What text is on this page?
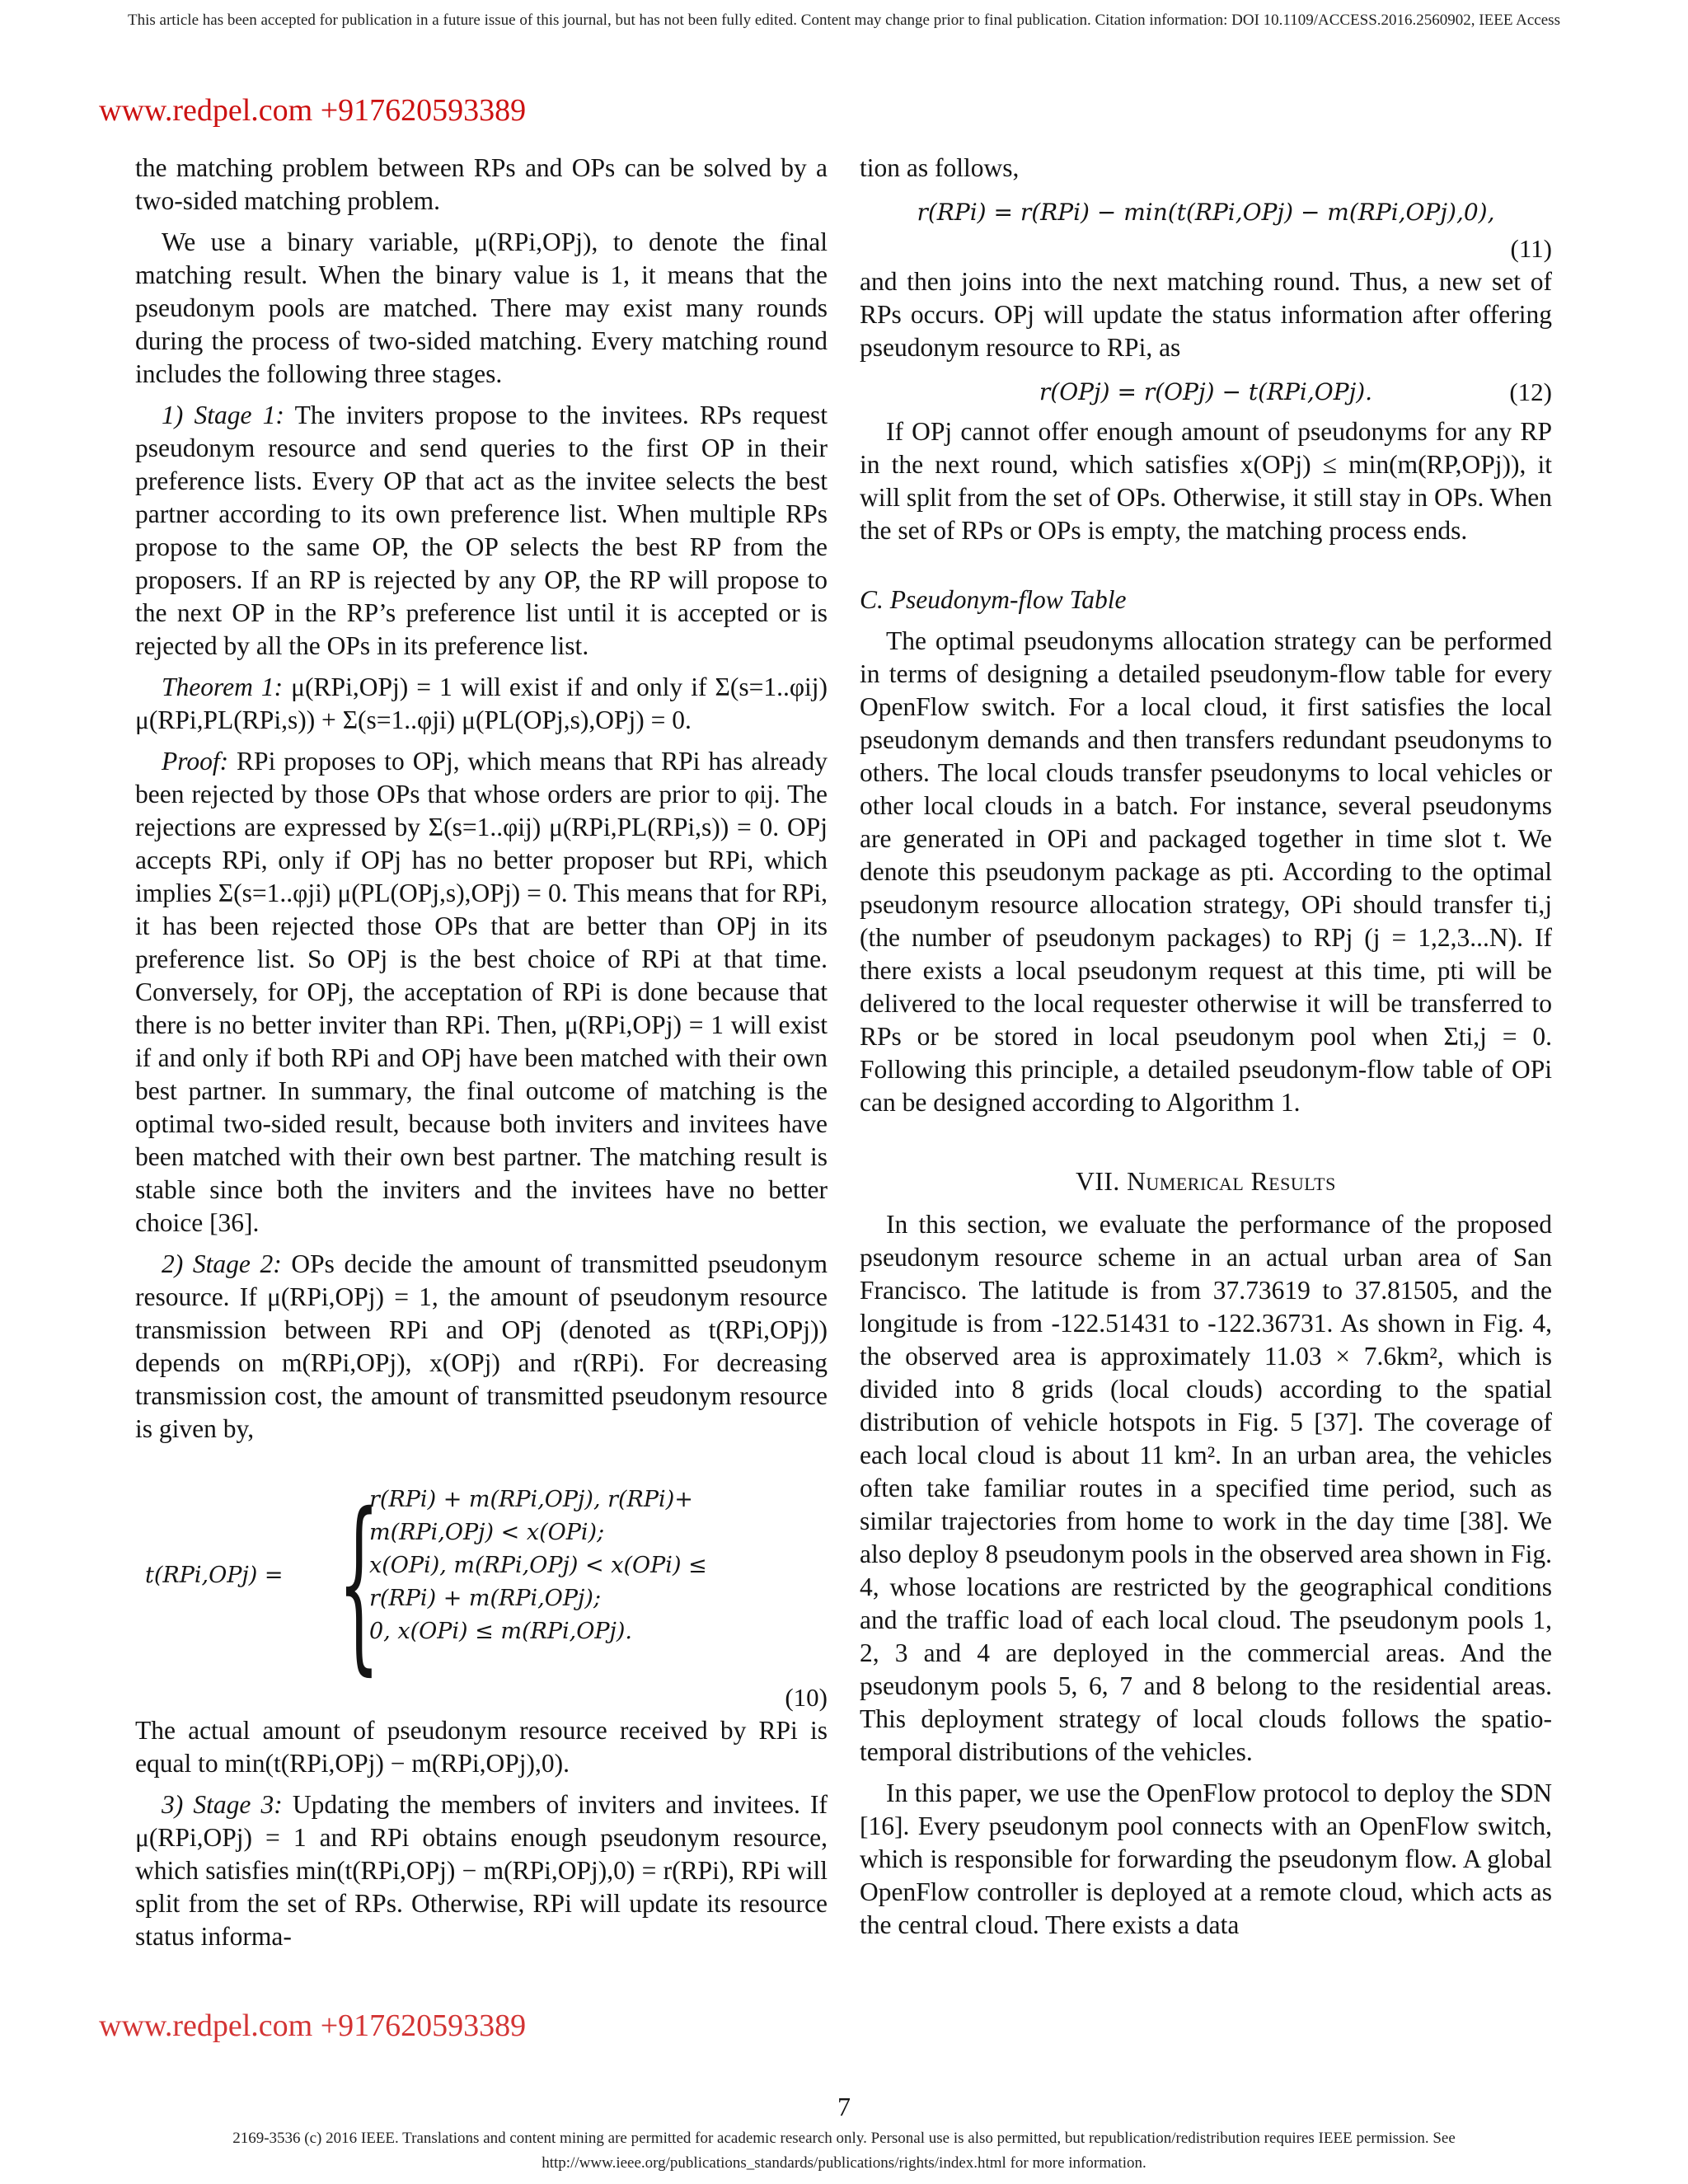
This article has been accepted for publication in a future issue of this journal, but has not been fully edited. Content may change prior to final publication. Citation information: DOI 10.1109/ACCESS.2016.2560902, IEEE Access
www.redpel.com +917620593389

the matching problem between RPs and OPs can be solved by a two-sided matching problem.

We use a binary variable, μ(RPi,OPj), to denote the final matching result. When the binary value is 1, it means that the pseudonym pools are matched. There may exist many rounds during the process of two-sided matching. Every matching round includes the following three stages.

1) Stage 1: The inviters propose to the invitees. RPs request pseudonym resource and send queries to the first OP in their preference lists. Every OP that act as the invitee selects the best partner according to its own preference list. When multiple RPs propose to the same OP, the OP selects the best RP from the proposers. If an RP is rejected by any OP, the RP will propose to the next OP in the RP’s preference list until it is accepted or is rejected by all the OPs in its preference list.

Theorem 1: μ(RPi,OPj) = 1 will exist if and only if Σ(s=1..φij) μ(RPi,PL(RPi,s)) + Σ(s=1..φji) μ(PL(OPj,s),OPj) = 0.

Proof: RPi proposes to OPj, which means that RPi has already been rejected by those OPs that whose orders are prior to φij. The rejections are expressed by Σ(s=1..φij) μ(RPi,PL(RPi,s)) = 0. OPj accepts RPi, only if OPj has no better proposer but RPi, which implies Σ(s=1..φji) μ(PL(OPj,s),OPj) = 0. This means that for RPi, it has been rejected those OPs that are better than OPj in its preference list. So OPj is the best choice of RPi at that time. Conversely, for OPj, the acceptation of RPi is done because that there is no better inviter than RPi. Then, μ(RPi,OPj) = 1 will exist if and only if both RPi and OPj have been matched with their own best partner. In summary, the final outcome of matching is the optimal two-sided result, because both inviters and invitees have been matched with their own best partner. The matching result is stable since both the inviters and the invitees have no better choice [36].

2) Stage 2: OPs decide the amount of transmitted pseudonym resource. If μ(RPi,OPj) = 1, the amount of pseudonym resource transmission between RPi and OPj (denoted as t(RPi,OPj)) depends on m(RPi,OPj), x(OPj) and r(RPi). For decreasing transmission cost, the amount of transmitted pseudonym resource is given by,

t(RPi,OPj) = {
r(RPi) + m(RPi,OPj), r(RPi)+
m(RPi,OPj) < x(OPi);
x(OPi), m(RPi,OPj) < x(OPi) ≤
r(RPi) + m(RPi,OPj);
0, x(OPi) ≤ m(RPi,OPj).
(10)

The actual amount of pseudonym resource received by RPi is equal to min(t(RPi,OPj) − m(RPi,OPj),0).

3) Stage 3: Updating the members of inviters and invitees. If μ(RPi,OPj) = 1 and RPi obtains enough pseudonym resource, which satisfies min(t(RPi,OPj) − m(RPi,OPj),0) = r(RPi), RPi will split from the set of RPs. Otherwise, RPi will update its resource status informa-

tion as follows,

r(RPi) = r(RPi) − min(t(RPi,OPj) − m(RPi,OPj),0),
(11)

and then joins into the next matching round. Thus, a new set of RPs occurs. OPj will update the status information after offering pseudonym resource to RPi, as

r(OPj) = r(OPj) − t(RPi,OPj).	(12)

If OPj cannot offer enough amount of pseudonyms for any RP in the next round, which satisfies x(OPj) ≤ min(m(RP,OPj)), it will split from the set of OPs. Otherwise, it still stay in OPs. When the set of RPs or OPs is empty, the matching process ends.

C. Pseudonym-flow Table

The optimal pseudonyms allocation strategy can be performed in terms of designing a detailed pseudonym-flow table for every OpenFlow switch. For a local cloud, it first satisfies the local pseudonym demands and then transfers redundant pseudonyms to others. The local clouds transfer pseudonyms to local vehicles or other local clouds in a batch. For instance, several pseudonyms are generated in OPi and packaged together in time slot t. We denote this pseudonym package as pti. According to the optimal pseudonym resource allocation strategy, OPi should transfer ti,j (the number of pseudonym packages) to RPj (j = 1,2,3...N). If there exists a local pseudonym request at this time, pti will be delivered to the local requester otherwise it will be transferred to RPs or be stored in local pseudonym pool when Σti,j = 0. Following this principle, a detailed pseudonym-flow table of OPi can be designed according to Algorithm 1.

VII. Numerical Results

In this section, we evaluate the performance of the proposed pseudonym resource scheme in an actual urban area of San Francisco. The latitude is from 37.73619 to 37.81505, and the longitude is from -122.51431 to -122.36731. As shown in Fig. 4, the observed area is approximately 11.03 × 7.6km², which is divided into 8 grids (local clouds) according to the spatial distribution of vehicle hotspots in Fig. 5 [37]. The coverage of each local cloud is about 11 km². In an urban area, the vehicles often take familiar routes in a specified time period, such as similar trajectories from home to work in the day time [38]. We also deploy 8 pseudonym pools in the observed area shown in Fig. 4, whose locations are restricted by the geographical conditions and the traffic load of each local cloud. The pseudonym pools 1, 2, 3 and 4 are deployed in the commercial areas. And the pseudonym pools 5, 6, 7 and 8 belong to the residential areas. This deployment strategy of local clouds follows the spatio-temporal distributions of the vehicles.

In this paper, we use the OpenFlow protocol to deploy the SDN [16]. Every pseudonym pool connects with an OpenFlow switch, which is responsible for forwarding the pseudonym flow. A global OpenFlow controller is deployed at a remote cloud, which acts as the central cloud. There exists a data

www.redpel.com +917620593389
7
2169-3536 (c) 2016 IEEE. Translations and content mining are permitted for academic research only. Personal use is also permitted, but republication/redistribution requires IEEE permission. See
http://www.ieee.org/publications_standards/publications/rights/index.html for more information.
